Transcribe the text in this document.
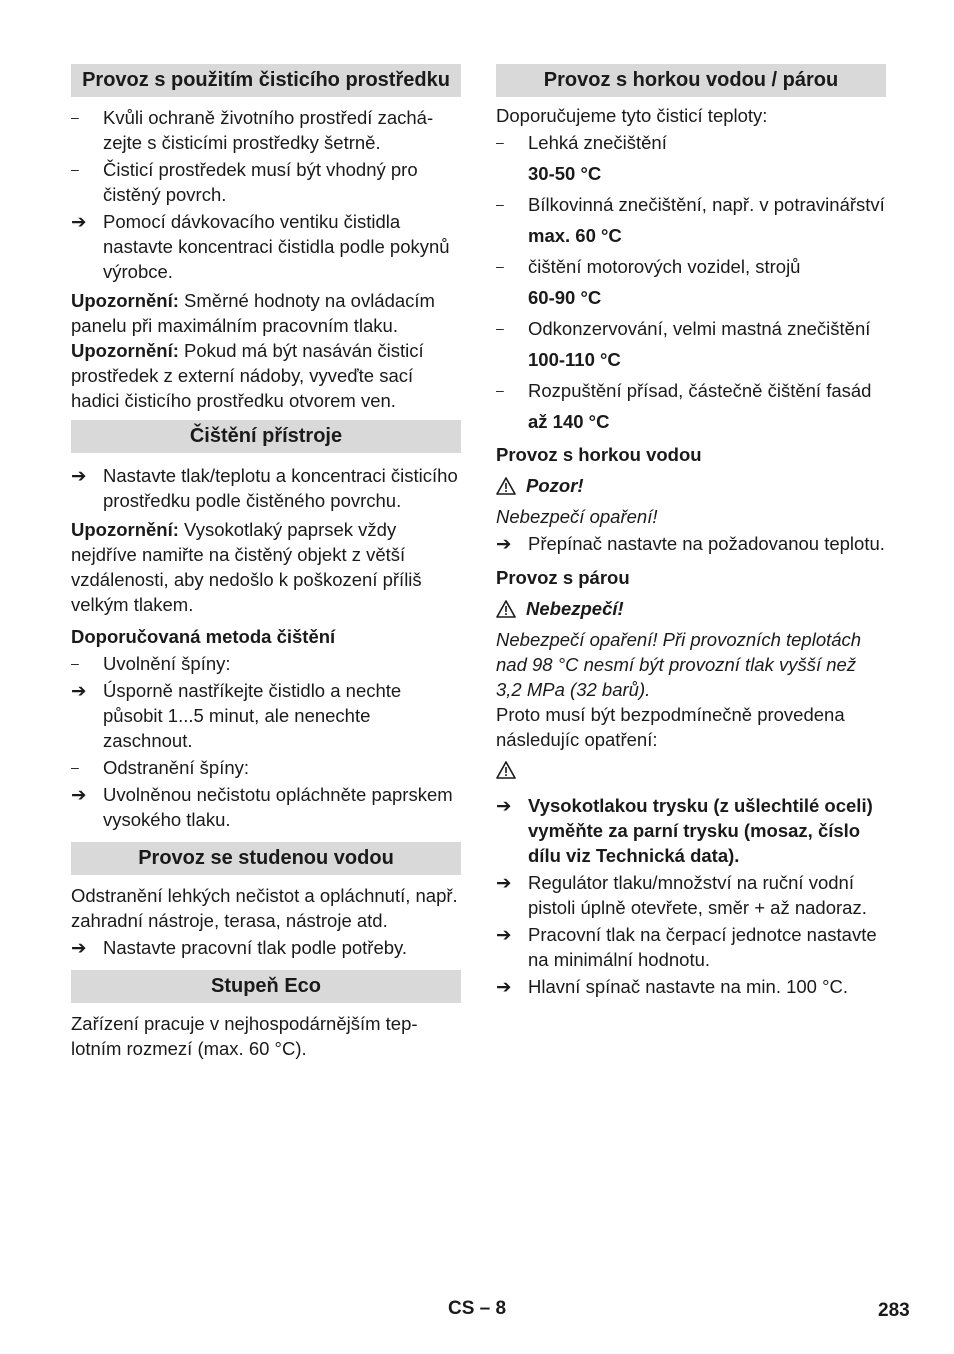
Provoz s použitím čisticího prostředku
–	Kvůli ochraně životního prostředí zacházejte s čisticími prostředky šetrně.
–	Čisticí prostředek musí být vhodný pro čistěný povrch.
➔ Pomocí dávkovacího ventiku čistidla nastavte koncentraci čistidla podle pokynů výrobce.

Upozornění: Směrné hodnoty na ovládacím panelu při maximálním pracovním tlaku.

Upozornění: Pokud má být nasáván čisticí prostředek z externí nádoby, vyveďte sací hadici čisticího prostředku otvorem ven.

Čištění přístroje
➔ Nastavte tlak/teplotu a koncentraci čisticího prostředku podle čistěného povrchu.

Upozornění: Vysokotlaký paprsek vždy nejdříve namiřte na čistěný objekt z větší vzdálenosti, aby nedošlo k poškození příliš velkým tlakem.

Doporučovaná metoda čištění

–	Uvolnění špíny:
➔ Úsporně nastříkejte čistidlo a nechte působit 1...5 minut, ale nenechte zaschnout.
–	Odstranění špíny:
➔ Uvolněnou nečistotu opláchněte paprskem vysokého tlaku.
Provoz se studenou vodou

Odstranění lehkých nečistot a opláchnutí, např. zahradní nástroje, terasa, nástroje atd.

➔ Nastavte pracovní tlak podle potřeby.
Stupeň Eco

Zařízení pracuje v nejhospodárnějším teplotním rozmezí (max. 60 °C).

Provoz s horkou vodou / párou

Doporučujeme tyto čisticí teploty:

–	Lehká znečištění

30-50 °C

–	Bílkovinná znečištění, např. v potravinářství

max. 60 °C

–	čištění motorových vozidel, strojů

60-90 °C

–	Odkonzervování, velmi mastná znečištění

100-110 °C

–	Rozpuštění přísad, částečně čištění fasád

až 140 °C

Provoz s horkou vodou

Pozor!

Nebezpečí opaření!

➔ Přepínač nastavte na požadovanou teplotu.

Provoz s párou

Nebezpečí!

Nebezpečí opaření! Při provozních teplotách nad 98 °C nesmí být provozní tlak vyšší než 3,2 MPa (32 barů).

Proto musí být bezpodmínečně provedena následujíc opatření:

➔ Vysokotlakou trysku (z ušlechtilé oceli) vyměňte za parní trysku (mosaz, číslo dílu viz Technická data).
➔ Regulátor tlaku/množství na ruční vodní pistoli úplně otevřete, směr + až nadoraz.
➔ Pracovní tlak na čerpací jednotce nastavte na minimální hodnotu.
➔ Hlavní spínač nastavte na min. 100 °C.
CS – 8	283
